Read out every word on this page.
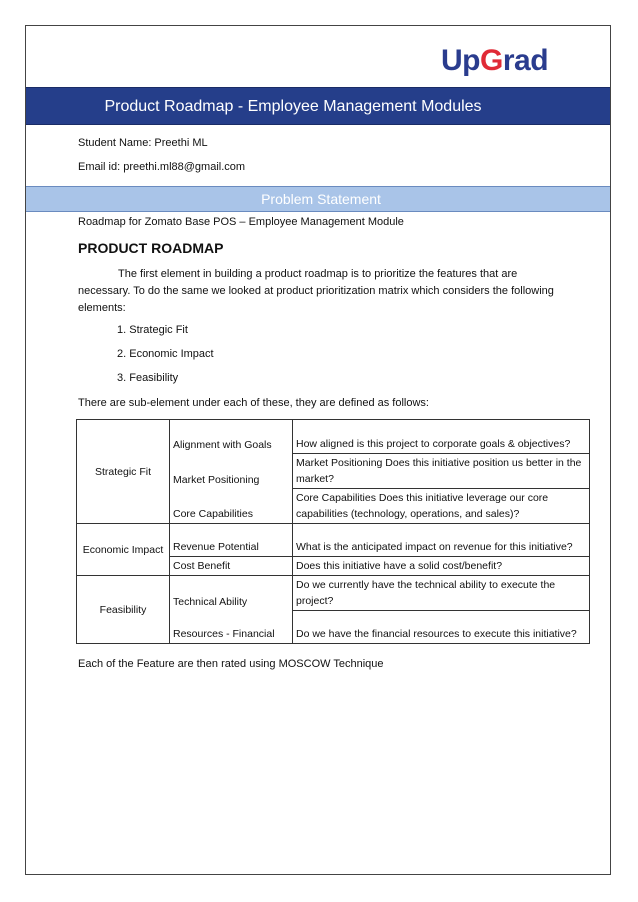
UpGrad
Product Roadmap - Employee Management Modules
Student Name: Preethi ML
Email id: preethi.ml88@gmail.com
Problem Statement
Roadmap for Zomato Base POS – Employee Management Module
PRODUCT ROADMAP
The first element in building a product roadmap is to prioritize the features that are necessary. To do the same we looked at product prioritization matrix which considers the following elements:
1. Strategic Fit
2. Economic Impact
3. Feasibility
There are sub-element under each of these, they are defined as follows:
Strategic Fit	Alignment with Goals	How aligned is this project to corporate goals & objectives?
	Market Positioning	Market Positioning Does this initiative position us better in the market?
	Core Capabilities	Core Capabilities Does this initiative leverage our core capabilities (technology, operations, and sales)?
Economic Impact	Revenue Potential	What is the anticipated impact on revenue for this initiative?
	Cost Benefit	Does this initiative have a solid cost/benefit?
Feasibility	Technical Ability	Do we currently have the technical ability to execute the project?
	Resources - Financial	Do we have the financial resources to execute this initiative?
Each of the Feature are then rated using MOSCOW Technique
